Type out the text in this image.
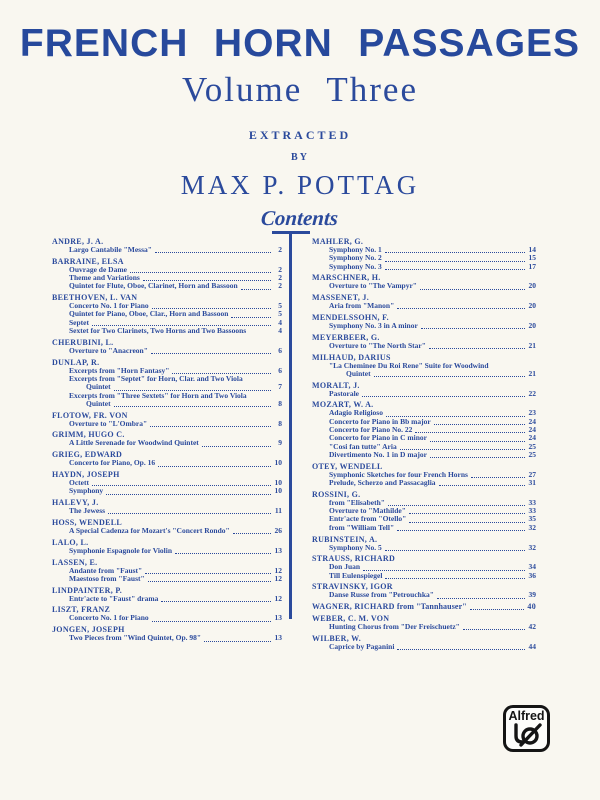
FRENCH HORN PASSAGES
Volume Three
EXTRACTED
BY
MAX P. POTTAG
Contents
ANDRE, J. A.
Largo Cantabile "Messa"	2
BARRAINE, ELSA
Ouvrage de Dame	2
Theme and Variations	2
Quintet for Flute, Oboe, Clarinet, Horn and Bassoon	2
BEETHOVEN, L. VAN
Concerto No. 1 for Piano	5
Quintet for Piano, Oboe, Clar., Horn and Bassoon	5
Septet	4
Sextet for Two Clarinets, Two Horns and Two Bassoons	4
CHERUBINI, L.
Overture to "Anacreon"	6
DUNLAP, R.
Excerpts from "Horn Fantasy"	6
Excerpts from "Septet" for Horn, Clar. and Two Viola
Quintet	7
Excerpts from "Three Sextets" for Horn and Two Viola
Quintet	8
FLOTOW, FR. VON
Overture to "L'Ombra"	8
GRIMM, HUGO C.
A Little Serenade for Woodwind Quintet	9
GRIEG, EDWARD
Concerto for Piano, Op. 16	10
HAYDN, JOSEPH
Octett	10
Symphony	10
HALEVY, J.
The Jewess	11
HOSS, WENDELL
A Special Cadenza for Mozart's "Concert Rondo"	26
LALO, L.
Symphonie Espagnole for Violin	13
LASSEN, E.
Andante from "Faust"	12
Maestoso from "Faust"	12
LINDPAINTER, P.
Entr'acte to "Faust" drama	12
LISZT, FRANZ
Concerto No. 1 for Piano	13
JONGEN, JOSEPH
Two Pieces from "Wind Quintet, Op. 98"	13
MAHLER, G.
Symphony No. 1	14
Symphony No. 2	15
Symphony No. 3	17
MARSCHNER, H.
Overture to "The Vampyr"	20
MASSENET, J.
Aria from "Manon"	20
MENDELSSOHN, F.
Symphony No. 3 in A minor	20
MEYERBEER, G.
Overture to "The North Star"	21
MILHAUD, DARIUS
"La Cheminee Du Roi Rene" Suite for Woodwind
Quintet	21
MORALT, J.
Pastorale	22
MOZART, W. A.
Adagio Religioso	23
Concerto for Piano in Bb major	24
Concerto for Piano No. 22	24
Concerto for Piano in C minor	24
"Cosi fan tutte" Aria	25
Divertimento No. 1 in D major	25
OTEY, WENDELL
Symphonic Sketches for four French Horns	27
Prelude, Scherzo and Passacaglia	31
ROSSINI, G.
from "Elisabeth"	33
Overture to "Mathilde"	33
Entr'acte from "Otello"	35
from "William Tell"	32
RUBINSTEIN, A.
Symphony No. 5	32
STRAUSS, RICHARD
Don Juan	34
Till Eulenspiegel	36
STRAVINSKY, IGOR
Danse Russe from "Petrouchka"	39
WAGNER, RICHARD from "Tannhauser"	40
WEBER, C. M. VON
Hunting Chorus from "Der Freischuetz"	42
WILBER, W.
Caprice by Paganini	44
Alfred
